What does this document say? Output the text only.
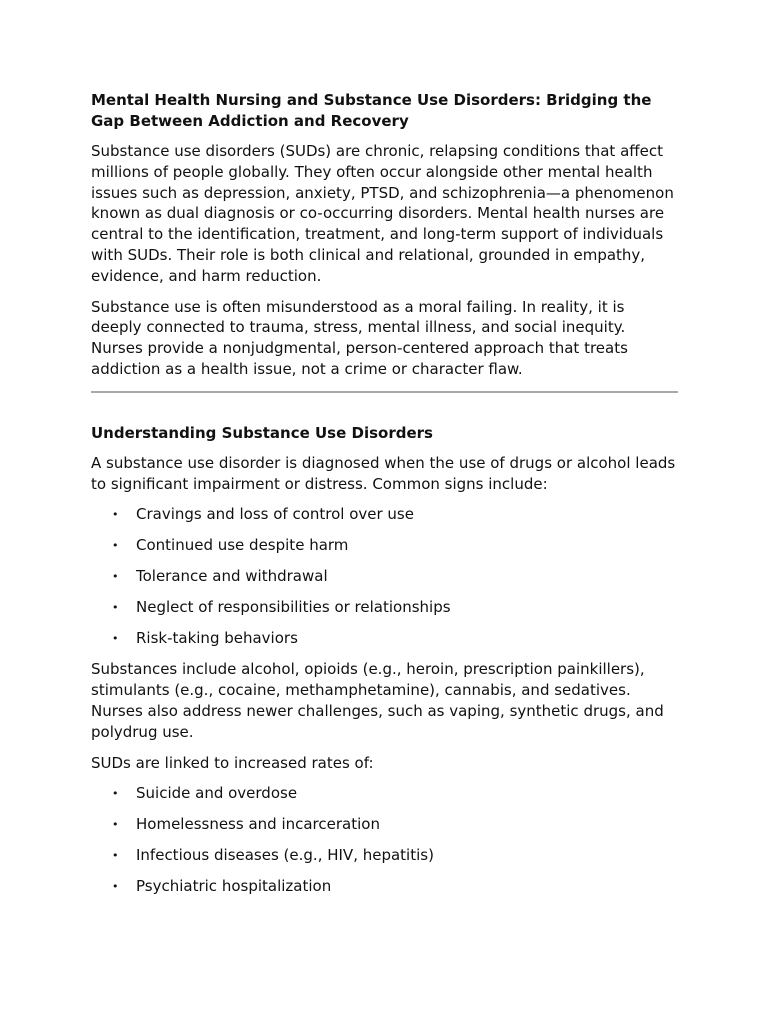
Mental Health Nursing and Substance Use Disorders: Bridging the Gap Between Addiction and Recovery

Substance use disorders (SUDs) are chronic, relapsing conditions that affect millions of people globally. They often occur alongside other mental health issues such as depression, anxiety, PTSD, and schizophrenia—a phenomenon known as dual diagnosis or co-occurring disorders. Mental health nurses are central to the identification, treatment, and long-term support of individuals with SUDs. Their role is both clinical and relational, grounded in empathy, evidence, and harm reduction.

Substance use is often misunderstood as a moral failing. In reality, it is deeply connected to trauma, stress, mental illness, and social inequity. Nurses provide a nonjudgmental, person-centered approach that treats addiction as a health issue, not a crime or character flaw.

Understanding Substance Use Disorders

A substance use disorder is diagnosed when the use of drugs or alcohol leads to significant impairment or distress. Common signs include:

• Cravings and loss of control over use
• Continued use despite harm
• Tolerance and withdrawal
• Neglect of responsibilities or relationships
• Risk-taking behaviors

Substances include alcohol, opioids (e.g., heroin, prescription painkillers), stimulants (e.g., cocaine, methamphetamine), cannabis, and sedatives. Nurses also address newer challenges, such as vaping, synthetic drugs, and polydrug use.

SUDs are linked to increased rates of:

• Suicide and overdose
• Homelessness and incarceration
• Infectious diseases (e.g., HIV, hepatitis)
• Psychiatric hospitalization
